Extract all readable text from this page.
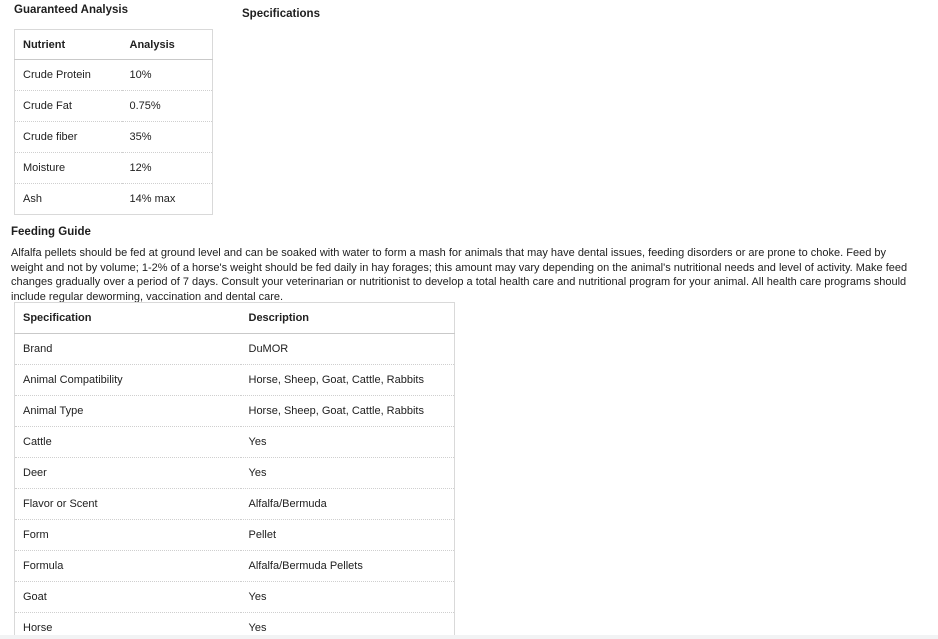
Guaranteed Analysis	Specifications
Nutrient	Analysis
Crude Protein	10%
Crude Fat	0.75%
Crude fiber	35%
Moisture	12%
Ash	14% max
Feeding Guide
Alfalfa pellets should be fed at ground level and can be soaked with water to form a mash for animals that may have dental issues, feeding disorders or are prone to choke. Feed by weight and not by volume; 1-2% of a horse's weight should be fed daily in hay forages; this amount may vary depending on the animal's nutritional needs and level of activity. Make feed changes gradually over a period of 7 days. Consult your veterinarian or nutritionist to develop a total health care and nutritional program for your animal. All health care programs should include regular deworming, vaccination and dental care.
Specification	Description
Brand	DuMOR
Animal Compatibility	Horse, Sheep, Goat, Cattle, Rabbits
Animal Type	Horse, Sheep, Goat, Cattle, Rabbits
Cattle	Yes
Deer	Yes
Flavor or Scent	Alfalfa/Bermuda
Form	Pellet
Formula	Alfalfa/Bermuda Pellets
Goat	Yes
Horse	Yes
